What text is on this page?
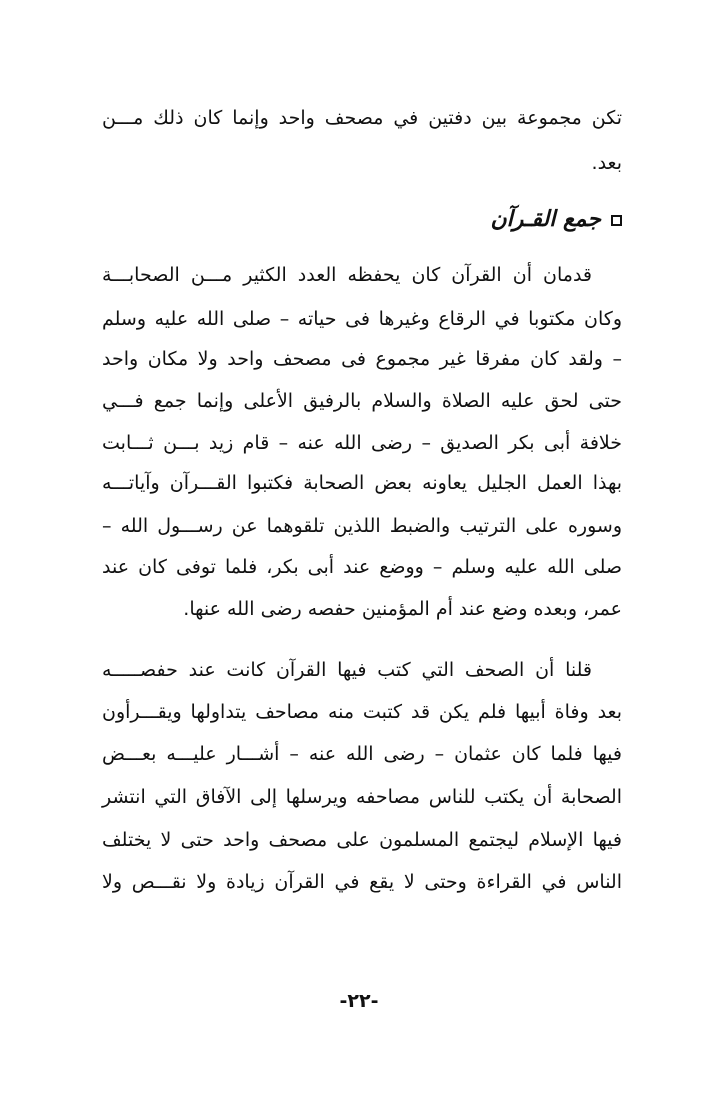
تكن مجموعة بين دفتين في مصحف واحد وإنما كان ذلك مـــن
بعد.
جمع القـرآن
قدمان أن القرآن كان يحفظه العدد الكثير مـــن الصحابـــة
وكان مكتوبا في الرقاع وغيرها فى حياته – صلى الله عليه وسلم
– ولقد كان مفرقا غير مجموع فى مصحف واحد ولا مكان واحد
حتى لحق عليه الصلاة والسلام بالرفيق الأعلى وإنما جمع فـــي
خلافة أبى بكر الصديق – رضى الله عنه – قام زيد بـــن ثـــابت
بهذا العمل الجليل يعاونه بعض الصحابة فكتبوا القـــرآن وآياتـــه
وسوره على الترتيب والضبط اللذين تلقوهما عن رســـول الله –
صلى الله عليه وسلم – ووضع عند أبى بكر، فلما توفى كان عند
عمر، وبعده وضع عند أم المؤمنين حفصه رضى الله عنها.
قلنا أن الصحف التي كتب فيها القرآن كانت عند حفصـــــه
بعد وفاة أبيها فلم يكن قد كتبت منه مصاحف يتداولها ويقـــرأون
فيها فلما كان عثمان – رضى الله عنه – أشـــار عليـــه بعـــض
الصحابة أن يكتب للناس مصاحفه ويرسلها إلى الآفاق التي انتشر
فيها الإسلام ليجتمع المسلمون على مصحف واحد حتى لا يختلف
الناس في القراءة وحتى لا يقع في القرآن زيادة ولا نقـــص ولا
-٢٢-
